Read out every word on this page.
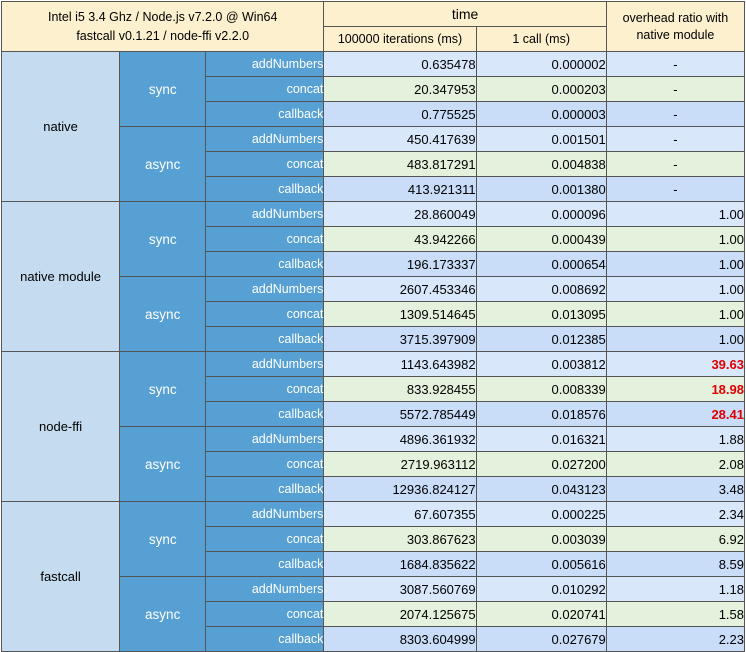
Intel i5 3.4 Ghz / Node.js v7.2.0 @ Win64
fastcall v0.1.21 / node-ffi v2.2.0			time		overhead ratio with native module
			100000 iterations (ms)	1 call (ms)	
native	sync	addNumbers	0.635478	0.000002	-
		concat	20.347953	0.000203	-
		callback	0.775525	0.000003	-
	async	addNumbers	450.417639	0.001501	-
		concat	483.817291	0.004838	-
		callback	413.921311	0.001380	-
native module	sync	addNumbers	28.860049	0.000096	1.00
		concat	43.942266	0.000439	1.00
		callback	196.173337	0.000654	1.00
	async	addNumbers	2607.453346	0.008692	1.00
		concat	1309.514645	0.013095	1.00
		callback	3715.397909	0.012385	1.00
node-ffi	sync	addNumbers	1143.643982	0.003812	39.63
		concat	833.928455	0.008339	18.98
		callback	5572.785449	0.018576	28.41
	async	addNumbers	4896.361932	0.016321	1.88
		concat	2719.963112	0.027200	2.08
		callback	12936.824127	0.043123	3.48
fastcall	sync	addNumbers	67.607355	0.000225	2.34
		concat	303.867623	0.003039	6.92
		callback	1684.835622	0.005616	8.59
	async	addNumbers	3087.560769	0.010292	1.18
		concat	2074.125675	0.020741	1.58
		callback	8303.604999	0.027679	2.23
